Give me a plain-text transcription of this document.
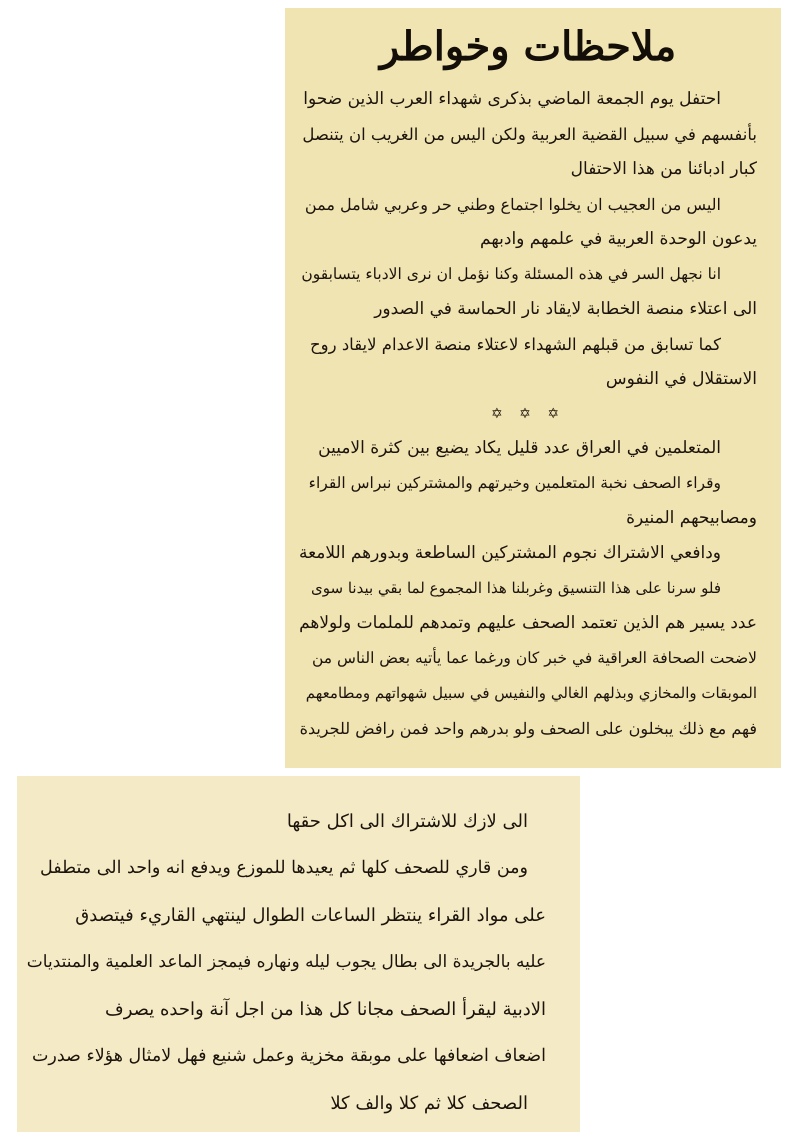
ملاحظات وخواطر
احتفل يوم الجمعة الماضي بذكرى شهداء العرب الذين ضحوا
بأنفسهم في سبيل القضية العربية ولكن اليس من الغريب ان يتنصل
كبار ادبائنا من هذا الاحتفال
اليس من العجيب ان يخلوا اجتماع وطني حر وعربي شامل ممن
يدعون الوحدة العربية في علمهم وادبهم
انا نجهل السر في هذه المسئلة وكنا نؤمل ان نرى الادباء يتسابقون
الى اعتلاء منصة الخطابة لايقاد نار الحماسة في الصدور
كما تسابق من قبلهم الشهداء لاعتلاء منصة الاعدام لايقاد روح
الاستقلال في النفوس
✡ ✡ ✡
المتعلمين في العراق عدد قليل يكاد يضيع بين كثرة الاميين
وقراء الصحف نخبة المتعلمين وخيرتهم والمشتركين نبراس القراء
ومصابيحهم المنيرة
ودافعي الاشتراك نجوم المشتركين الساطعة وبدورهم اللامعة
فلو سرنا على هذا التنسيق وغربلنا هذا المجموع لما بقي بيدنا سوى
عدد يسير هم الذين تعتمد الصحف عليهم وتمدهم للملمات ولولاهم
لاضحت الصحافة العراقية في خبر كان ورغما عما يأتيه بعض الناس من
الموبقات والمخازي وبذلهم الغالي والنفيس في سبيل شهواتهم ومطامعهم
فهم مع ذلك يبخلون على الصحف ولو بدرهم واحد فمن رافض للجريدة
الى لازك للاشتراك الى اكل حقها
ومن قاري للصحف كلها ثم يعيدها للموزع ويدفع انه واحد الى متطفل
على مواد القراء ينتظر الساعات الطوال لينتهي القاريء فيتصدق
عليه بالجريدة الى بطال يجوب ليله ونهاره فيمجز الماعد العلمية والمنتديات
الادبية ليقرأ الصحف مجانا كل هذا من اجل آنة واحده يصرف
اضعاف اضعافها على موبقة مخزية وعمل شنيع فهل لامثال هؤلاء صدرت
الصحف كلا ثم كلا والف كلا
